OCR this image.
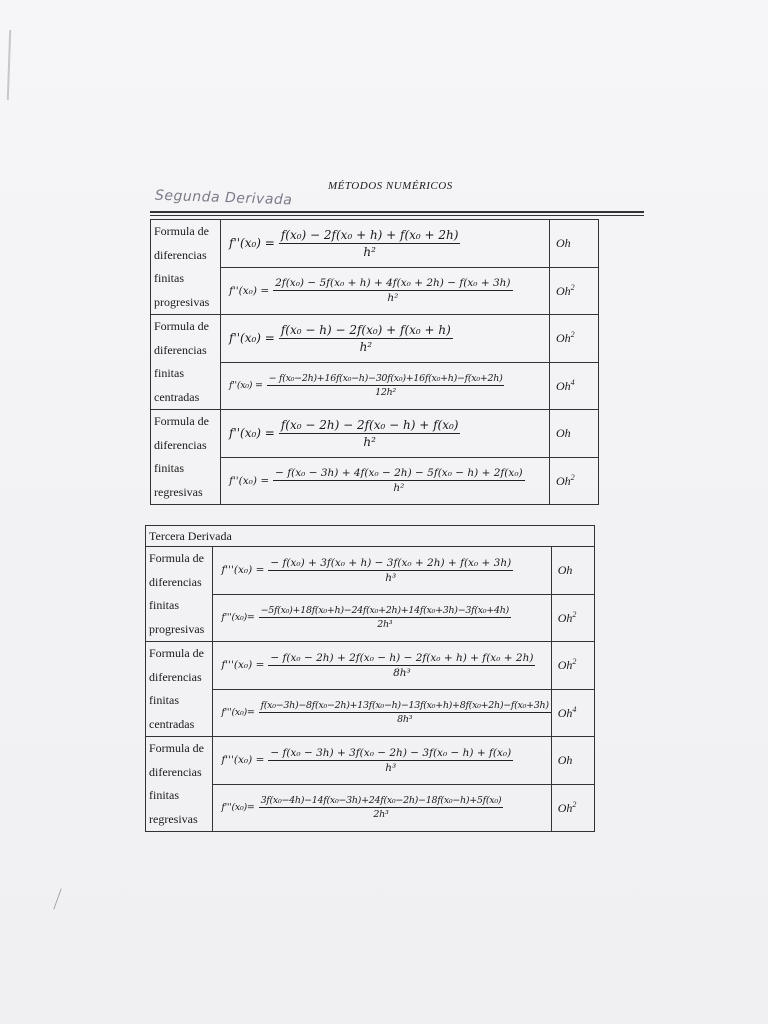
MÉTODOS NUMÉRICOS
Segunda Derivada
Formula de
diferencias
finitas
progresivas	$f''(x_0) = \frac{\text{f(x₀) − 2f(x₀ + h) + f(x₀ + 2h)}}{\text{h²}}$	Oh

	$f''(x_0) = \frac{\text{2f(x₀) − 5f(x₀ + h) + 4f(x₀ + 2h) − f(x₀ + 3h)}}{\text{h²}}$	Oh$^2$

Formula de
diferencias
finitas
centradas	$f''(x_0) = \frac{\text{f(x₀ − h) − 2f(x₀) + f(x₀ + h)}}{\text{h²}}$	Oh$^2$

	$f''(x_0) = \frac{\text{− f(x₀−2h)+16f(x₀−h)−30f(x₀)+16f(x₀+h)−f(x₀+2h)}}{\text{12h²}}$	Oh$^4$

Formula de
diferencias
finitas
regresivas	$f''(x_0) = \frac{\text{f(x₀ − 2h) − 2f(x₀ − h) + f(x₀)}}{\text{h²}}$	Oh

	$f''(x_0) = \frac{\text{− f(x₀ − 3h) + 4f(x₀ − 2h) − 5f(x₀ − h) + 2f(x₀)}}{\text{h²}}$	Oh$^2$
Tercera Derivada		

Formula de
diferencias
finitas
progresivas	$f'''(x_0) = \frac{\text{− f(x₀) + 3f(x₀ + h) − 3f(x₀ + 2h) + f(x₀ + 3h)}}{\text{h³}}$	Oh

	$f'''(x_0)= \frac{\text{−5f(x₀)+18f(x₀+h)−24f(x₀+2h)+14f(x₀+3h)−3f(x₀+4h)}}{\text{2h³}}$	Oh$^2$

Formula de
diferencias
finitas
centradas	$f'''(x_0) = \frac{\text{− f(x₀ − 2h) + 2f(x₀ − h) − 2f(x₀ + h) + f(x₀ + 2h)}}{\text{8h³}}$	Oh$^2$

	$f'''(x_0)= \frac{\text{f(x₀−3h)−8f(x₀−2h)+13f(x₀−h)−13f(x₀+h)+8f(x₀+2h)−f(x₀+3h)}}{\text{8h³}}$	Oh$^4$

Formula de
diferencias
finitas
regresivas	$f'''(x_0) = \frac{\text{− f(x₀ − 3h) + 3f(x₀ − 2h) − 3f(x₀ − h) + f(x₀)}}{\text{h³}}$	Oh

	$f'''(x_0)= \frac{\text{3f(x₀−4h)−14f(x₀−3h)+24f(x₀−2h)−18f(x₀−h)+5f(x₀)}}{\text{2h³}}$	Oh$^2$
